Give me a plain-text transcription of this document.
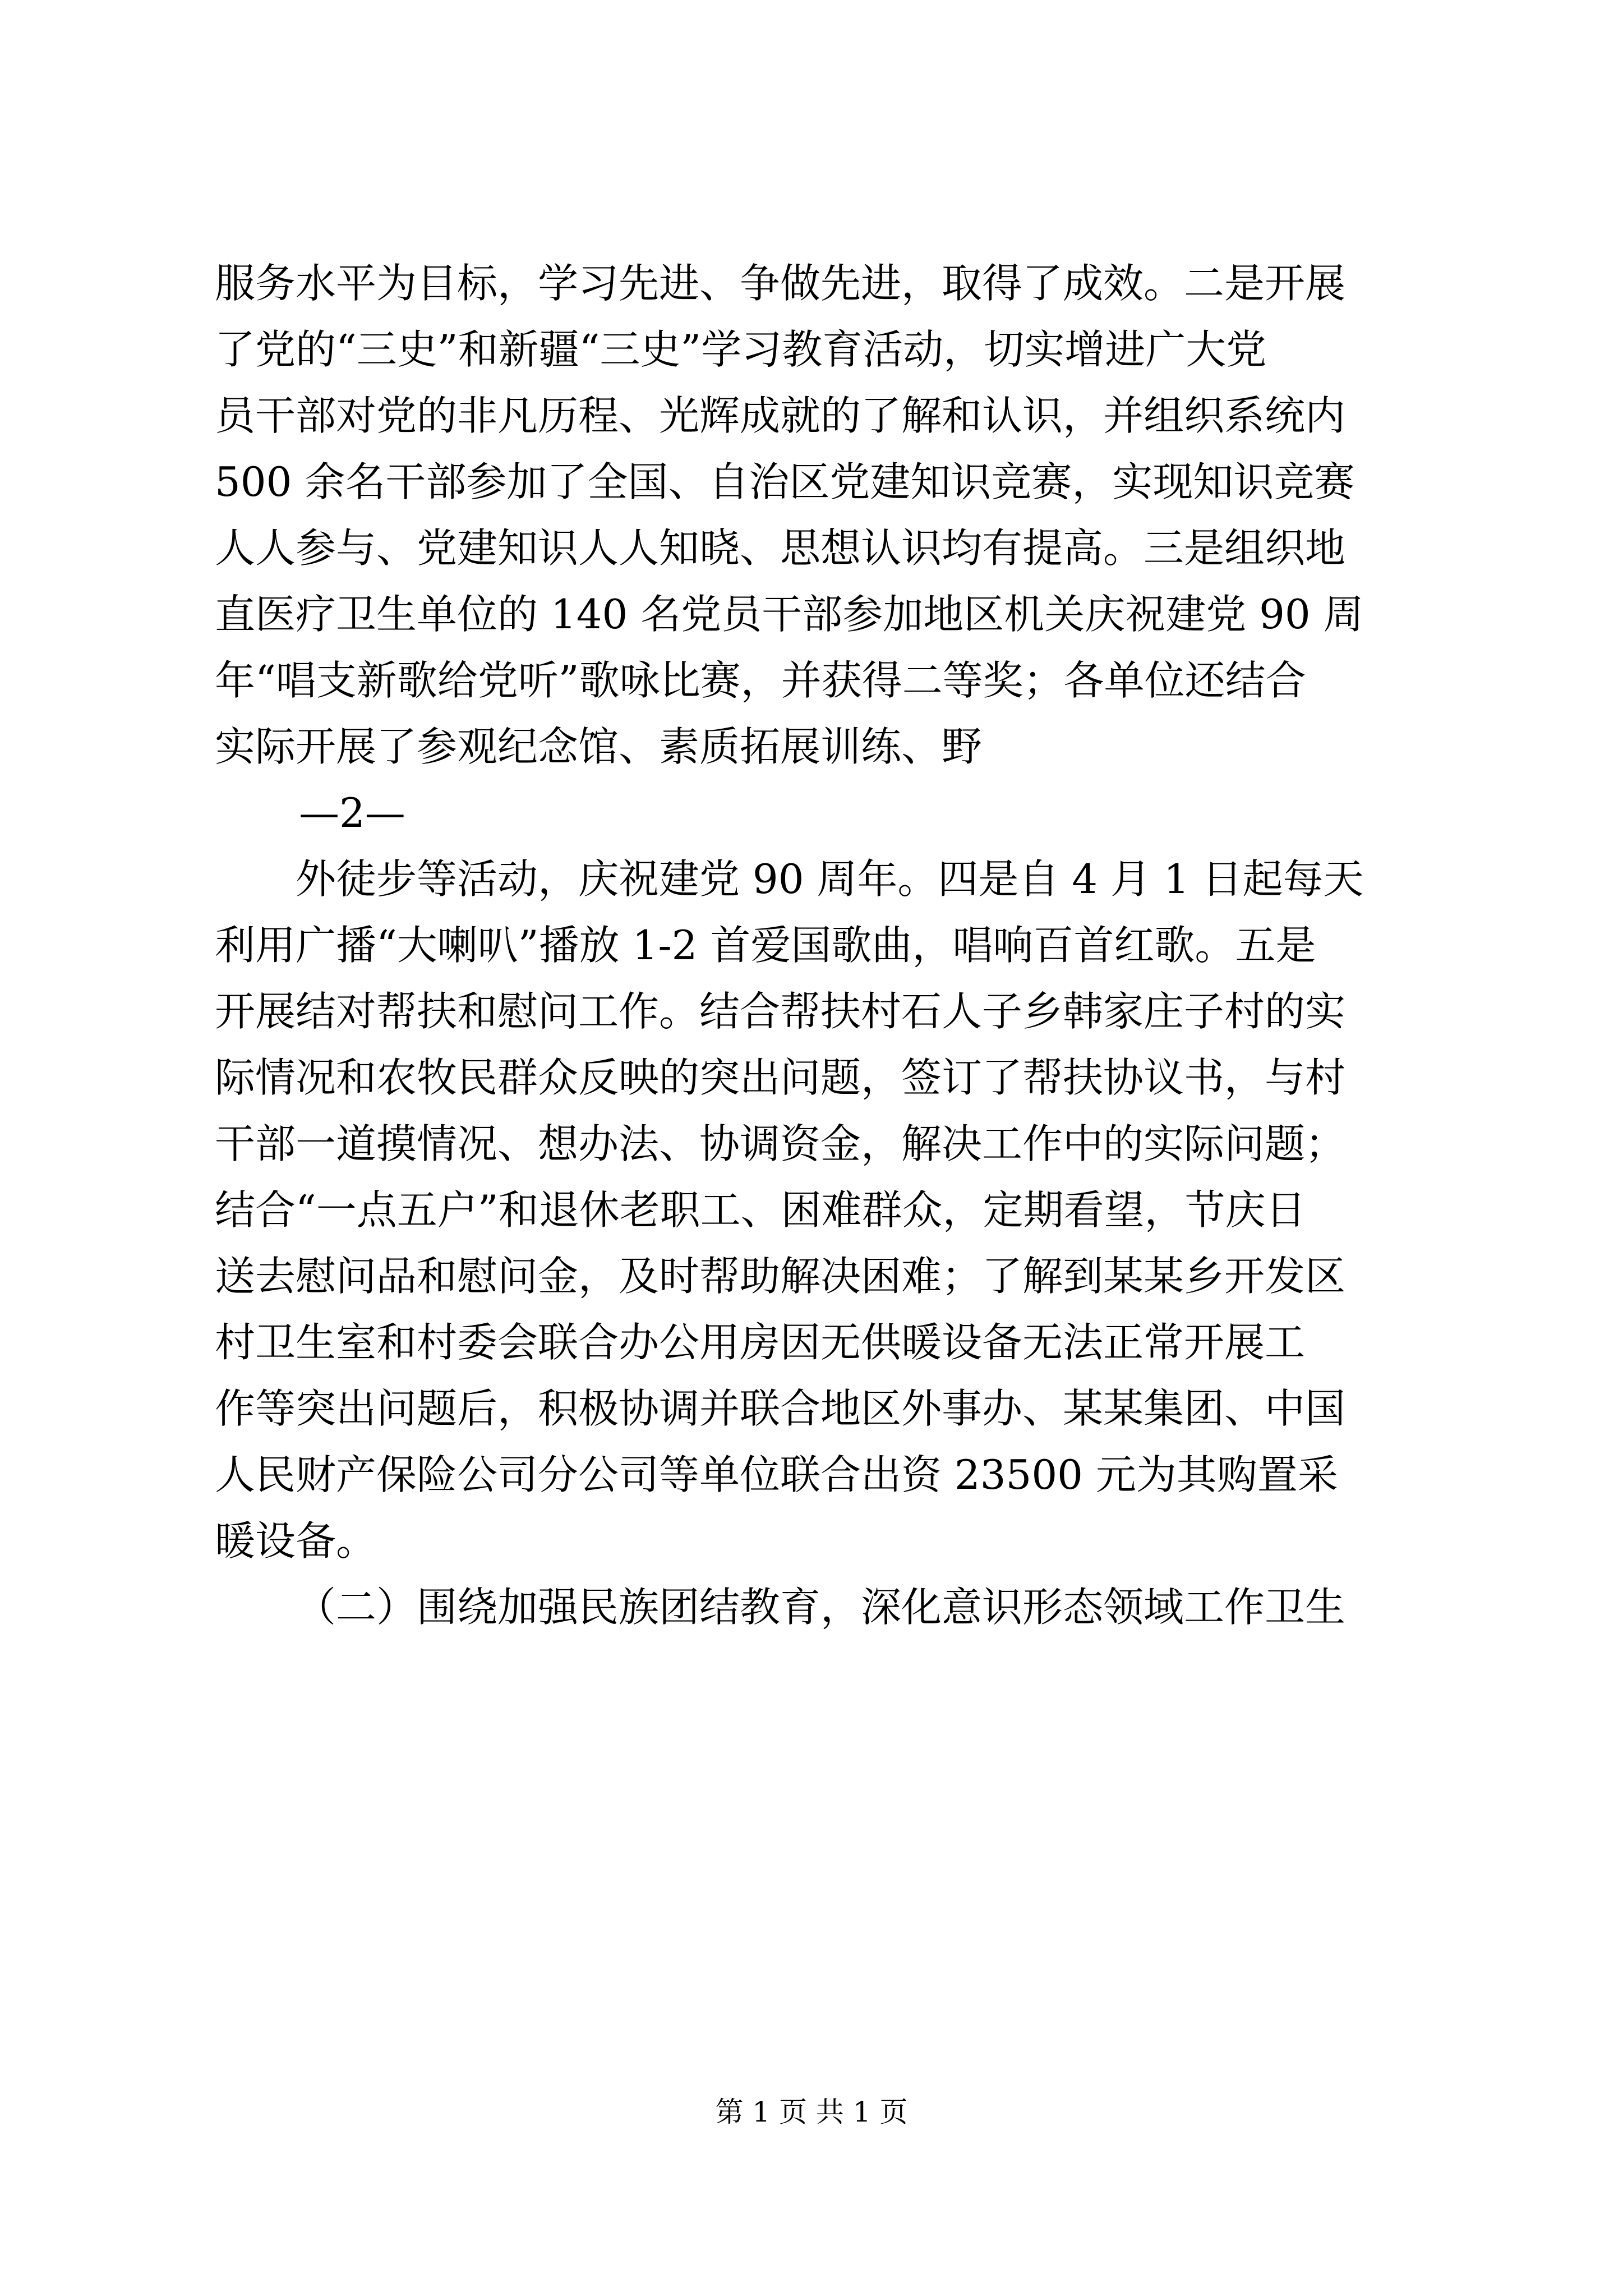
服务水平为目标，学习先进、争做先进，取得了成效。二是开展
了党的“三史”和新疆“三史”学习教育活动，切实增进广大党
员干部对党的非凡历程、光辉成就的了解和认识，并组织系统内
500 余名干部参加了全国、自治区党建知识竞赛，实现知识竞赛
人人参与、党建知识人人知晓、思想认识均有提高。三是组织地
直医疗卫生单位的 140 名党员干部参加地区机关庆祝建党 90 周
年“唱支新歌给党听”歌咏比赛，并获得二等奖；各单位还结合
实际开展了参观纪念馆、素质拓展训练、野
—2—
外徒步等活动，庆祝建党 90 周年。四是自 4 月 1 日起每天
利用广播“大喇叭”播放 1-2 首爱国歌曲，唱响百首红歌。五是
开展结对帮扶和慰问工作。结合帮扶村石人子乡韩家庄子村的实
际情况和农牧民群众反映的突出问题，签订了帮扶协议书，与村
干部一道摸情况、想办法、协调资金，解决工作中的实际问题；
结合“一点五户”和退休老职工、困难群众，定期看望，节庆日
送去慰问品和慰问金，及时帮助解决困难；了解到某某乡开发区
村卫生室和村委会联合办公用房因无供暖设备无法正常开展工
作等突出问题后，积极协调并联合地区外事办、某某集团、中国
人民财产保险公司分公司等单位联合出资 23500 元为其购置采
暖设备。
（二）围绕加强民族团结教育，深化意识形态领域工作卫生
第 1 页 共 1 页
